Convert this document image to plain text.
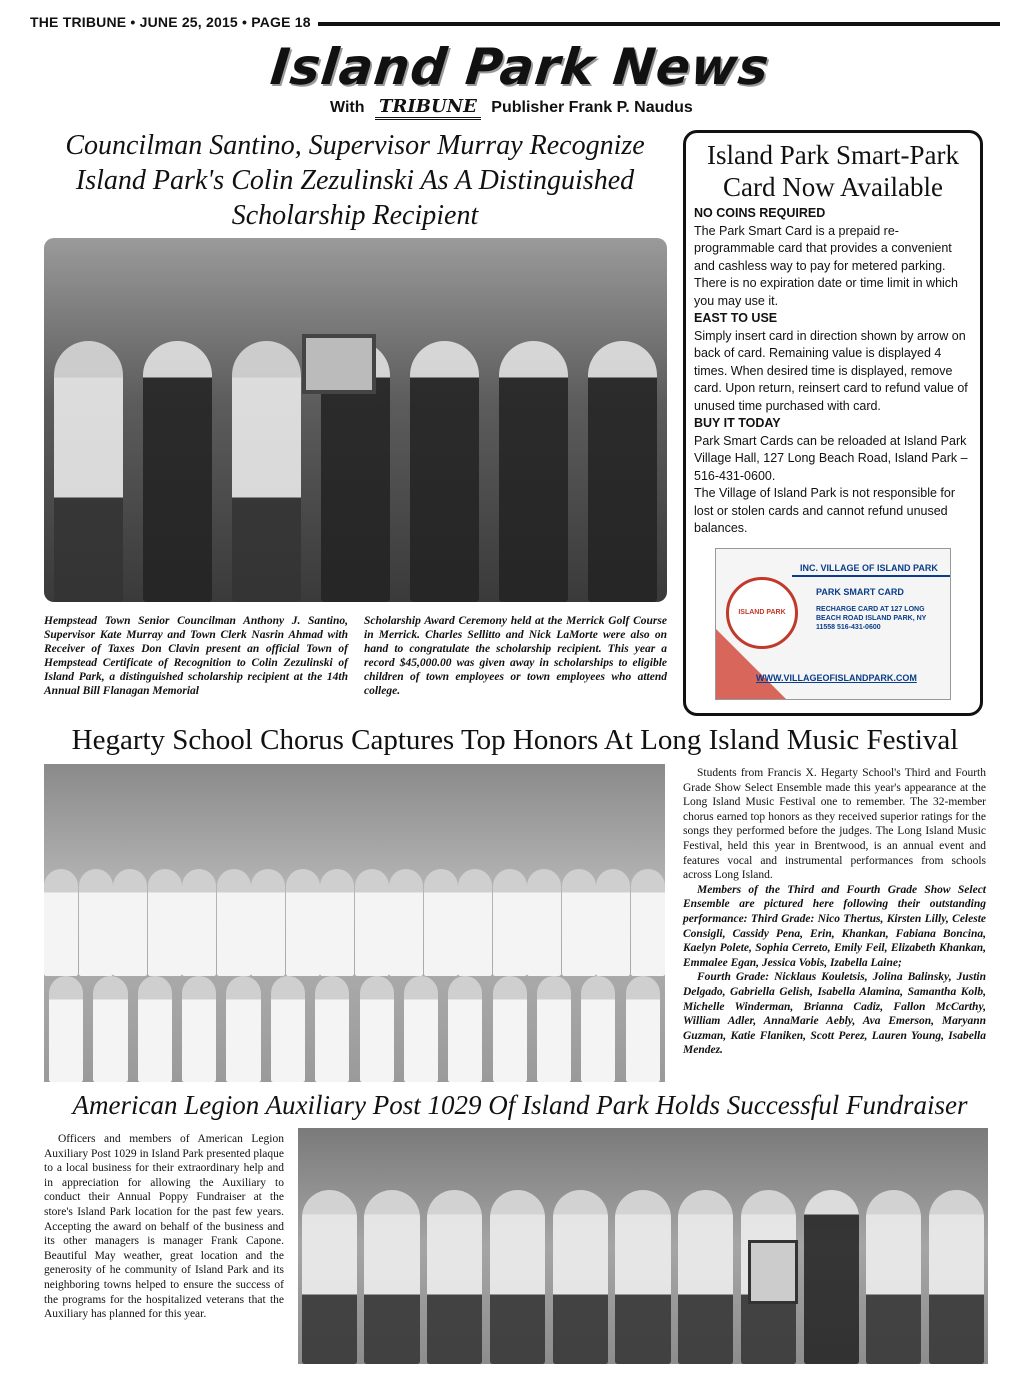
THE TRIBUNE • JUNE 25, 2015 • PAGE 18
Island Park News
With TRIBUNE Publisher Frank P. Naudus
Councilman Santino, Supervisor Murray Recognize Island Park's Colin Zezulinski As A Distinguished Scholarship Recipient
Hempstead Town Senior Councilman Anthony J. Santino, Supervisor Kate Murray and Town Clerk Nasrin Ahmad with Receiver of Taxes Don Clavin present an official Town of Hempstead Certificate of Recognition to Colin Zezulinski of Island Park, a distinguished scholarship recipient at the 14th Annual Bill Flanagan Memorial
Scholarship Award Ceremony held at the Merrick Golf Course in Merrick. Charles Sellitto and Nick LaMorte were also on hand to congratulate the scholarship recipient. This year a record $45,000.00 was given away in scholarships to eligible children of town employees or town employees who attend college.
Island Park Smart-Park Card Now Available
NO COINS REQUIRED
The Park Smart Card is a prepaid re-programmable card that provides a convenient and cashless way to pay for metered parking. There is no expiration date or time limit in which you may use it.
EAST TO USE
Simply insert card in direction shown by arrow on back of card. Remaining value is displayed 4 times. When desired time is displayed, remove card. Upon return, reinsert card to refund value of unused time purchased with card.
BUY IT TODAY
Park Smart Cards can be reloaded at Island Park Village Hall, 127 Long Beach Road, Island Park – 516-431-0600.
The Village of Island Park is not responsible for lost or stolen cards and cannot refund unused balances.
ISLAND PARK
INC. VILLAGE OF ISLAND PARK
PARK SMART CARD
RECHARGE CARD AT 127 LONG BEACH ROAD ISLAND PARK, NY 11558 516-431-0600
WWW.VILLAGEOFISLANDPARK.COM
Hegarty School Chorus Captures Top Honors At Long Island Music Festival

Students from Francis X. Hegarty School's Third and Fourth Grade Show Select Ensemble made this year's appearance at the Long Island Music Festival one to remember. The 32-member chorus earned top honors as they received superior ratings for the songs they performed before the judges. The Long Island Music Festival, held this year in Brentwood, is an annual event and features vocal and instrumental performances from schools across Long Island.

Members of the Third and Fourth Grade Show Select Ensemble are pictured here following their outstanding performance: Third Grade: Nico Thertus, Kirsten Lilly, Celeste Consigli, Cassidy Pena, Erin, Khankan, Fabiana Boncina, Kaelyn Polete, Sophia Cerreto, Emily Feil, Elizabeth Khankan, Emmalee Egan, Jessica Vobis, Izabella Laine;

Fourth Grade: Nicklaus Kouletsis, Jolina Balinsky, Justin Delgado, Gabriella Gelish, Isabella Alamina, Samantha Kolb, Michelle Winderman, Brianna Cadiz, Fallon McCarthy, William Adler, AnnaMarie Aebly, Ava Emerson, Maryann Guzman, Katie Flaniken, Scott Perez, Lauren Young, Isabella Mendez.

American Legion Auxiliary Post 1029 Of Island Park Holds Successful Fundraiser

Officers and members of American Legion Auxiliary Post 1029 in Island Park presented plaque to a local business for their extraordinary help and in appreciation for allowing the Auxiliary to conduct their Annual Poppy Fundraiser at the store's Island Park location for the past few years. Accepting the award on behalf of the business and its other managers is manager Frank Capone. Beautiful May weather, great location and the generosity of he community of Island Park and its neighboring towns helped to ensure the success of the programs for the hospitalized veterans that the Auxiliary has planned for this year.
